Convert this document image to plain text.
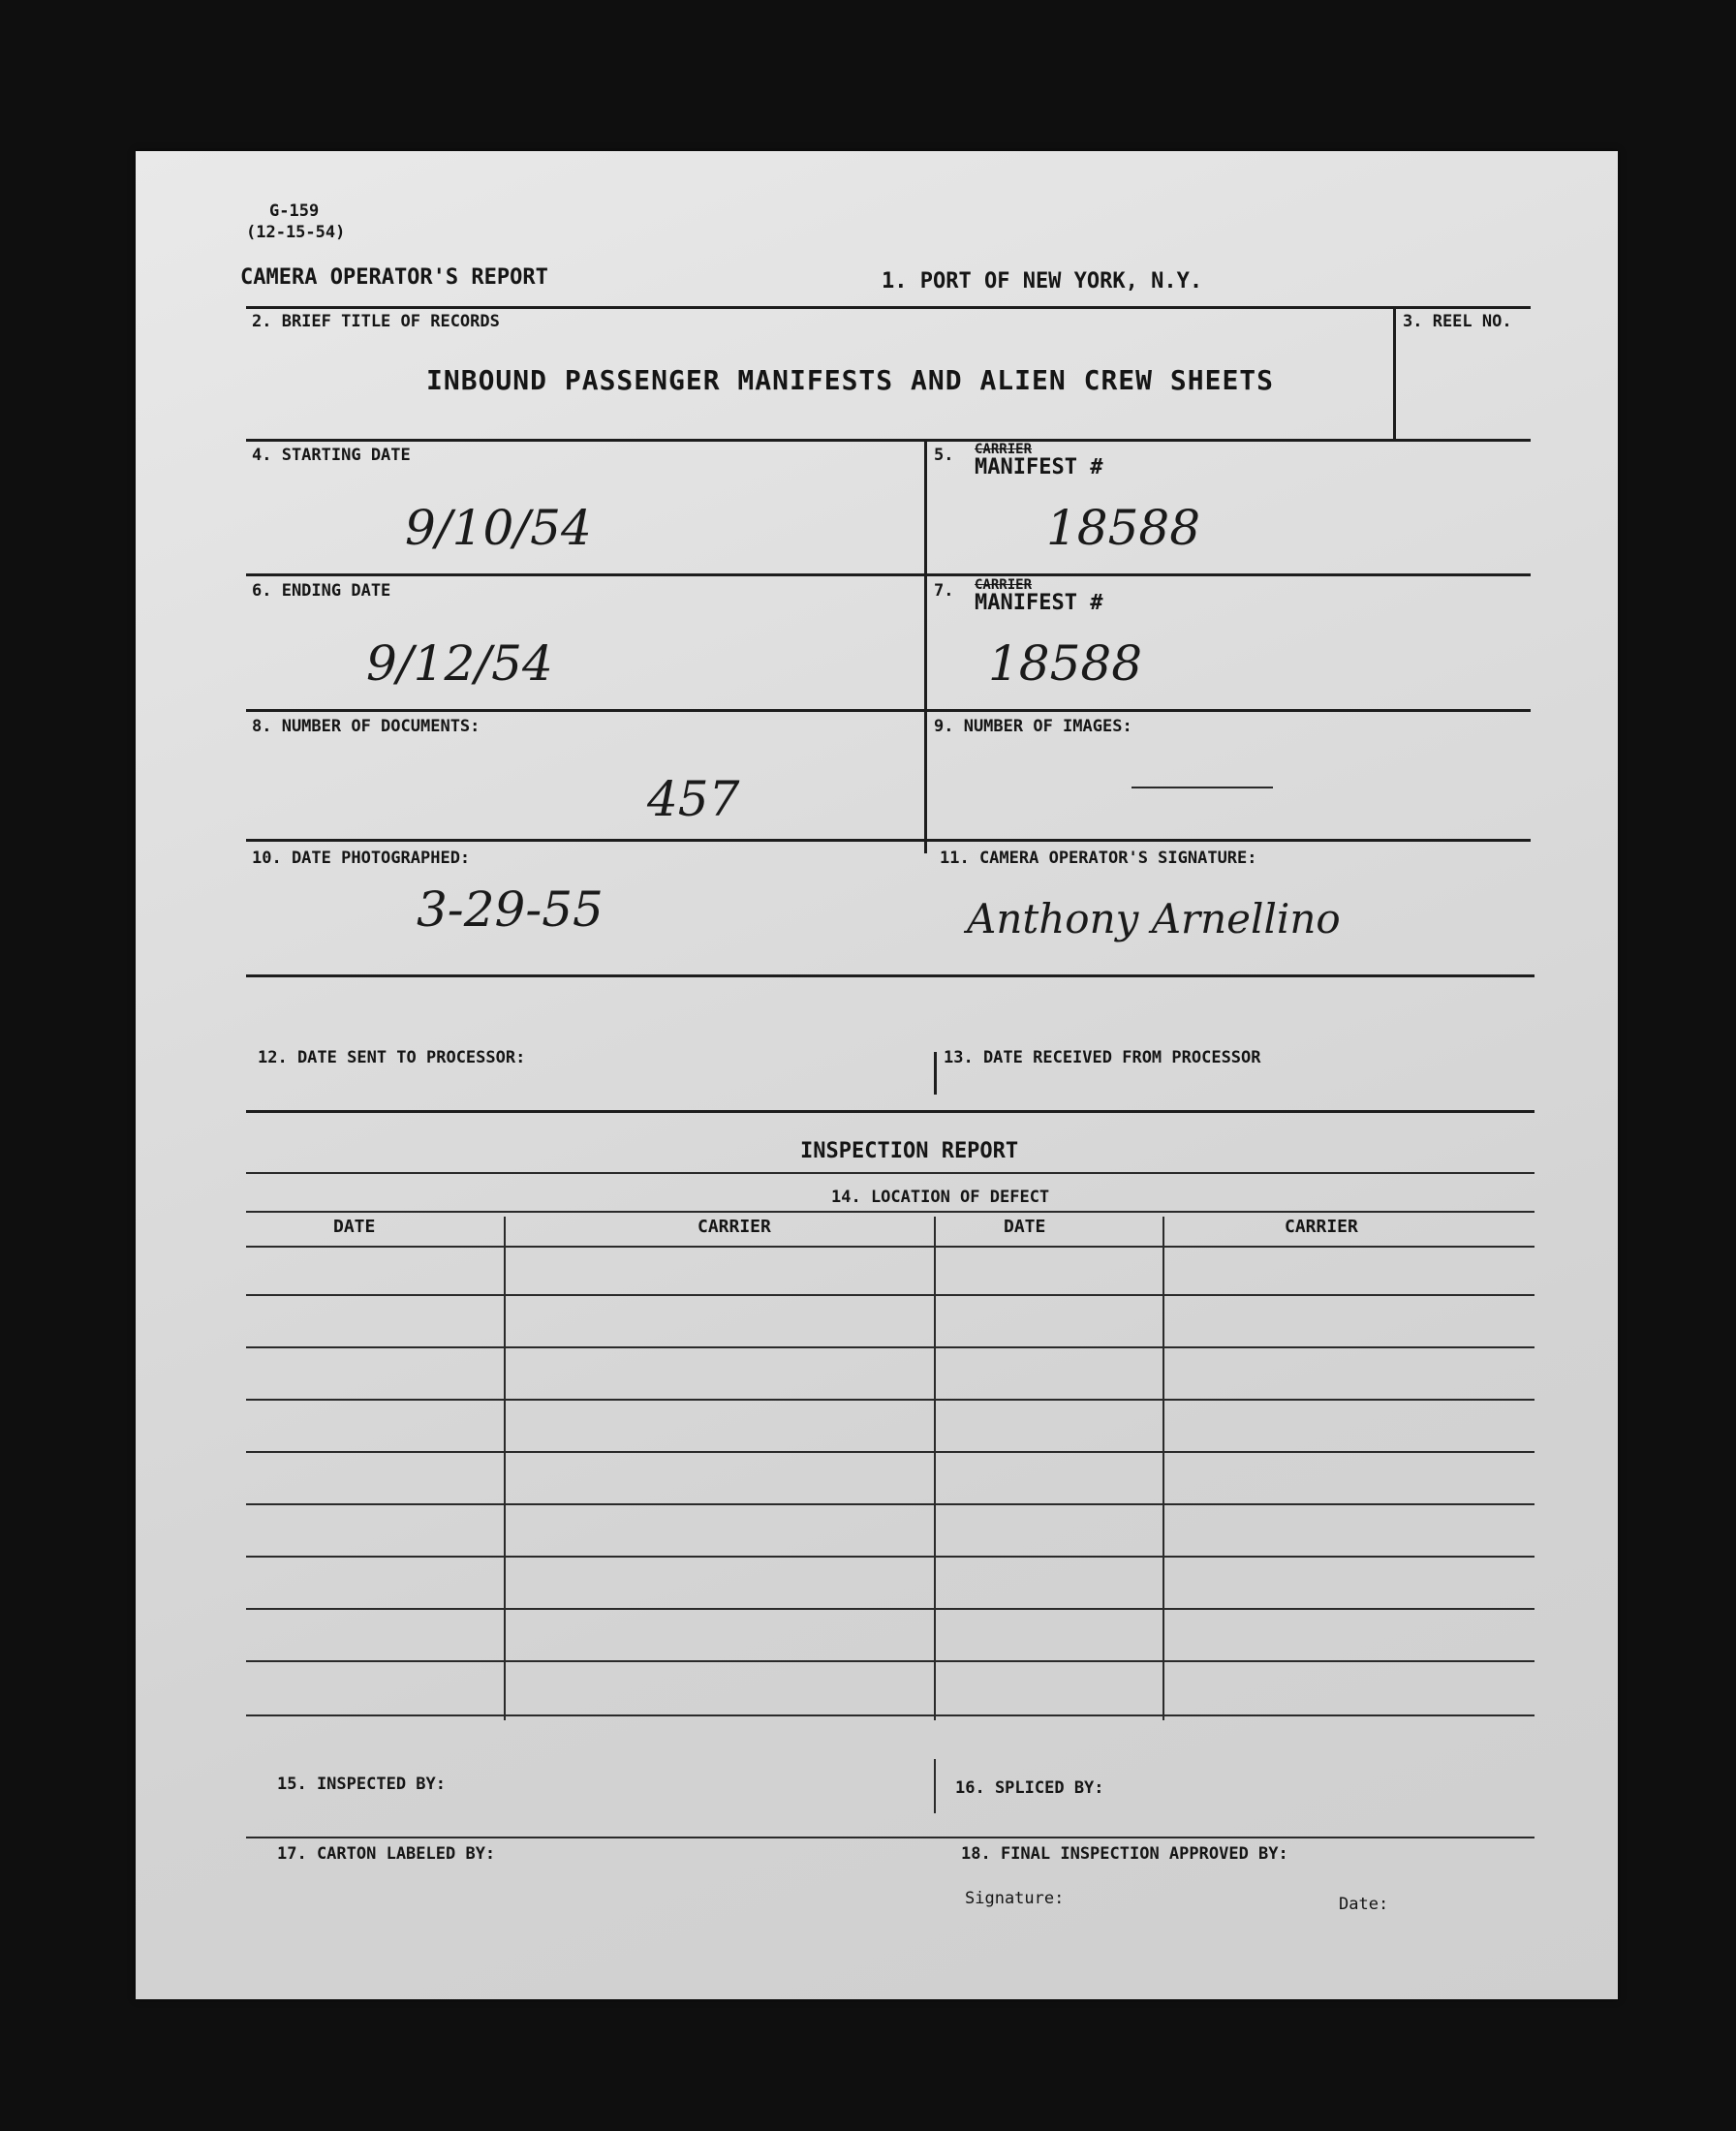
G-159
(12-15-54)
CAMERA OPERATOR'S REPORT	1. PORT OF NEW YORK, N.Y.
2. BRIEF TITLE OF RECORDS
INBOUND PASSENGER MANIFESTS AND ALIEN CREW SHEETS
3. REEL NO.
4. STARTING DATE
9/10/54
5. CARRIER
MANIFEST #
18588
6. ENDING DATE
9/12/54
7. CARRIER
MANIFEST #
18588
8. NUMBER OF DOCUMENTS:
457
9. NUMBER OF IMAGES:
10. DATE PHOTOGRAPHED:
3-29-55
11. CAMERA OPERATOR'S SIGNATURE:
Anthony Arnellino
12. DATE SENT TO PROCESSOR:	13. DATE RECEIVED FROM PROCESSOR
INSPECTION REPORT
14. LOCATION OF DEFECT
DATE	CARRIER	DATE	CARRIER
15. INSPECTED BY:	16. SPLICED BY:
17. CARTON LABELED BY:	18. FINAL INSPECTION APPROVED BY:
Signature:	Date:
